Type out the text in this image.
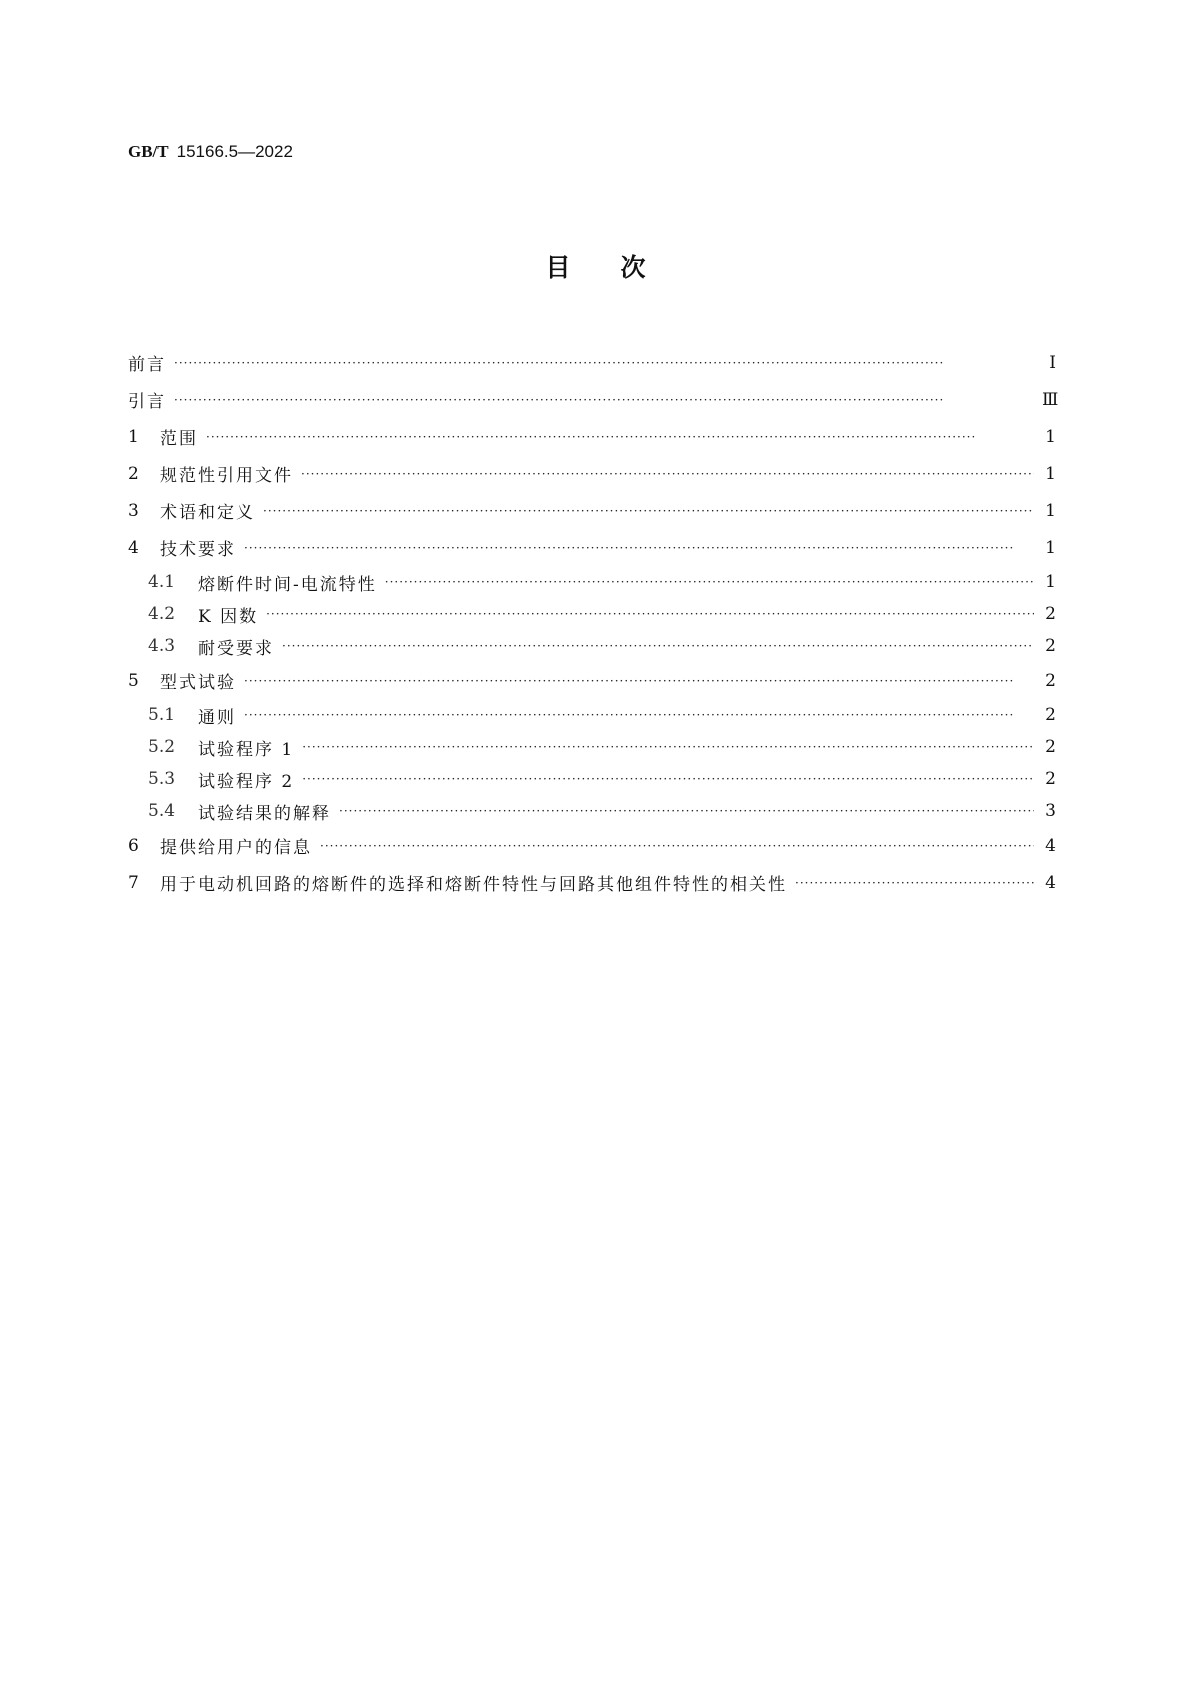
GB/T 15166.5—2022
目次
前言 ·····	Ⅰ
引言 ·····	Ⅲ
1	范围 ·····	1
2	规范性引用文件 ·····	1
3	术语和定义 ·····	1
4	技术要求 ·····	1
4.1	熔断件时间-电流特性 ·····	1
4.2	K 因数 ·····	2
4.3	耐受要求 ·····	2
5	型式试验 ·····	2
5.1	通则 ·····	2
5.2	试验程序 1 ·····	2
5.3	试验程序 2 ·····	2
5.4	试验结果的解释 ·····	3
6	提供给用户的信息 ·····	4
7	用于电动机回路的熔断件的选择和熔断件特性与回路其他组件特性的相关性 ·····	4
